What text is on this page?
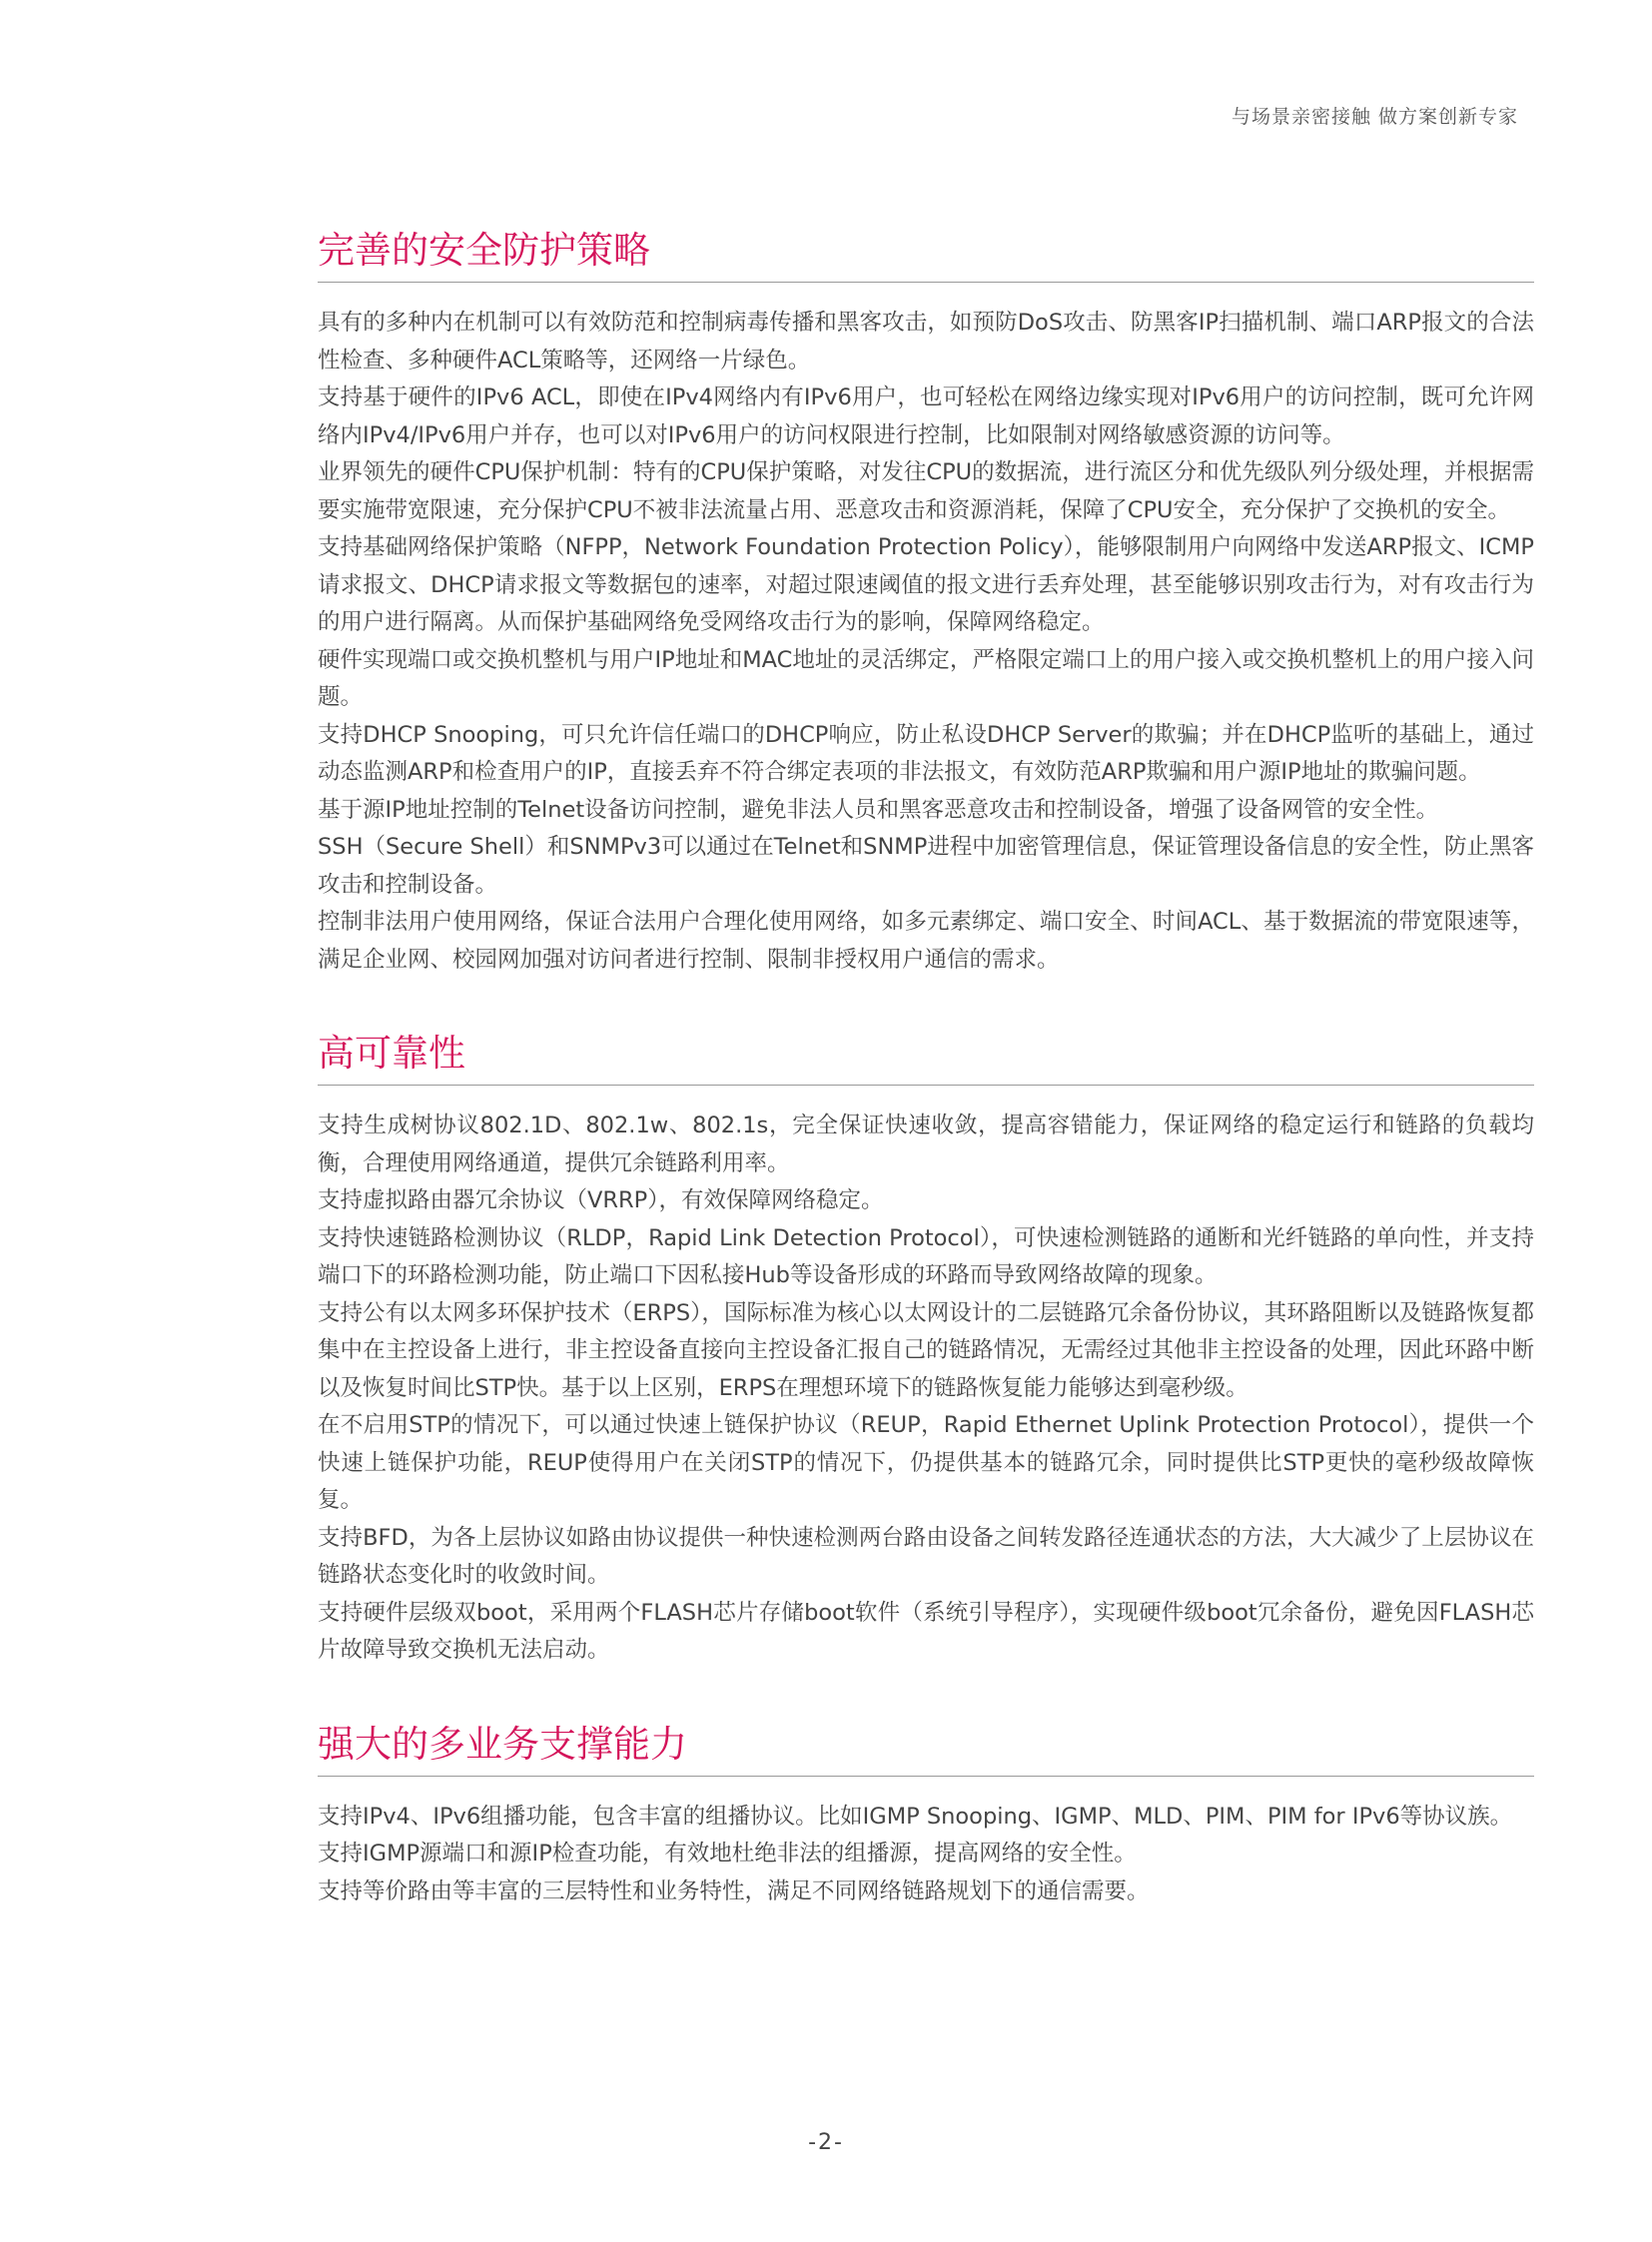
与场景亲密接触 做方案创新专家
完善的安全防护策略

具有的多种内在机制可以有效防范和控制病毒传播和黑客攻击，如预防DoS攻击、防黑客IP扫描机制、端口ARP报文的合法性检查、多种硬件ACL策略等，还网络一片绿色。

支持基于硬件的IPv6 ACL，即使在IPv4网络内有IPv6用户，也可轻松在网络边缘实现对IPv6用户的访问控制，既可允许网络内IPv4/IPv6用户并存，也可以对IPv6用户的访问权限进行控制，比如限制对网络敏感资源的访问等。

业界领先的硬件CPU保护机制：特有的CPU保护策略，对发往CPU的数据流，进行流区分和优先级队列分级处理，并根据需要实施带宽限速，充分保护CPU不被非法流量占用、恶意攻击和资源消耗，保障了CPU安全，充分保护了交换机的安全。

支持基础网络保护策略（NFPP，Network Foundation Protection Policy），能够限制用户向网络中发送ARP报文、ICMP请求报文、DHCP请求报文等数据包的速率，对超过限速阈值的报文进行丢弃处理，甚至能够识别攻击行为，对有攻击行为的用户进行隔离。从而保护基础网络免受网络攻击行为的影响，保障网络稳定。

硬件实现端口或交换机整机与用户IP地址和MAC地址的灵活绑定，严格限定端口上的用户接入或交换机整机上的用户接入问题。

支持DHCP Snooping，可只允许信任端口的DHCP响应，防止私设DHCP Server的欺骗；并在DHCP监听的基础上，通过动态监测ARP和检查用户的IP，直接丢弃不符合绑定表项的非法报文，有效防范ARP欺骗和用户源IP地址的欺骗问题。

基于源IP地址控制的Telnet设备访问控制，避免非法人员和黑客恶意攻击和控制设备，增强了设备网管的安全性。

SSH（Secure Shell）和SNMPv3可以通过在Telnet和SNMP进程中加密管理信息，保证管理设备信息的安全性，防止黑客攻击和控制设备。

控制非法用户使用网络，保证合法用户合理化使用网络，如多元素绑定、端口安全、时间ACL、基于数据流的带宽限速等，满足企业网、校园网加强对访问者进行控制、限制非授权用户通信的需求。

高可靠性

支持生成树协议802.1D、802.1w、802.1s，完全保证快速收敛，提高容错能力，保证网络的稳定运行和链路的负载均衡，合理使用网络通道，提供冗余链路利用率。

支持虚拟路由器冗余协议（VRRP），有效保障网络稳定。

支持快速链路检测协议（RLDP，Rapid Link Detection Protocol），可快速检测链路的通断和光纤链路的单向性，并支持端口下的环路检测功能，防止端口下因私接Hub等设备形成的环路而导致网络故障的现象。

支持公有以太网多环保护技术（ERPS），国际标准为核心以太网设计的二层链路冗余备份协议，其环路阻断以及链路恢复都集中在主控设备上进行，非主控设备直接向主控设备汇报自己的链路情况，无需经过其他非主控设备的处理，因此环路中断以及恢复时间比STP快。基于以上区别，ERPS在理想环境下的链路恢复能力能够达到毫秒级。

在不启用STP的情况下，可以通过快速上链保护协议（REUP，Rapid Ethernet Uplink Protection Protocol），提供一个快速上链保护功能，REUP使得用户在关闭STP的情况下，仍提供基本的链路冗余，同时提供比STP更快的毫秒级故障恢复。

支持BFD，为各上层协议如路由协议提供一种快速检测两台路由设备之间转发路径连通状态的方法，大大减少了上层协议在链路状态变化时的收敛时间。

支持硬件层级双boot，采用两个FLASH芯片存储boot软件（系统引导程序），实现硬件级boot冗余备份，避免因FLASH芯片故障导致交换机无法启动。

强大的多业务支撑能力

支持IPv4、IPv6组播功能，包含丰富的组播协议。比如IGMP Snooping、IGMP、MLD、PIM、PIM for IPv6等协议族。

支持IGMP源端口和源IP检查功能，有效地杜绝非法的组播源，提高网络的安全性。

支持等价路由等丰富的三层特性和业务特性，满足不同网络链路规划下的通信需要。

-2-
